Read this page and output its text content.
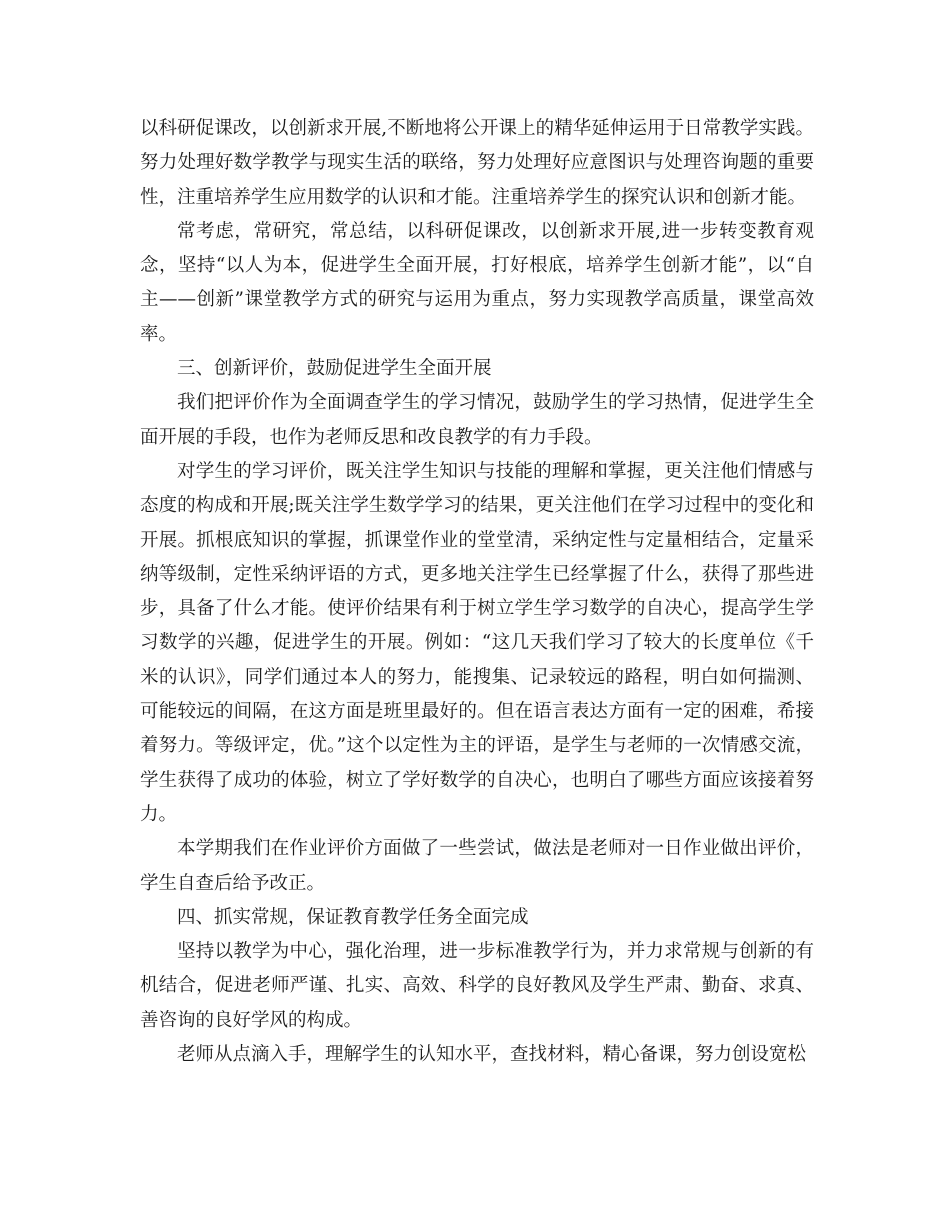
以科研促课改，以创新求开展,不断地将公开课上的精华延伸运用于日常教学实践。努力处理好数学教学与现实生活的联络，努力处理好应意图识与处理咨询题的重要性，注重培养学生应用数学的认识和才能。注重培养学生的探究认识和创新才能。

常考虑，常研究，常总结，以科研促课改，以创新求开展,进一步转变教育观念，坚持“以人为本，促进学生全面开展，打好根底，培养学生创新才能”，以“自主——创新”课堂教学方式的研究与运用为重点，努力实现教学高质量，课堂高效率。

三、创新评价，鼓励促进学生全面开展

我们把评价作为全面调查学生的学习情况，鼓励学生的学习热情，促进学生全面开展的手段，也作为老师反思和改良教学的有力手段。

对学生的学习评价，既关注学生知识与技能的理解和掌握，更关注他们情感与态度的构成和开展;既关注学生数学学习的结果，更关注他们在学习过程中的变化和开展。抓根底知识的掌握，抓课堂作业的堂堂清，采纳定性与定量相结合，定量采纳等级制，定性采纳评语的方式，更多地关注学生已经掌握了什么，获得了那些进步，具备了什么才能。使评价结果有利于树立学生学习数学的自决心，提高学生学习数学的兴趣，促进学生的开展。例如：“这几天我们学习了较大的长度单位《千米的认识》，同学们通过本人的努力，能搜集、记录较远的路程，明白如何揣测、可能较远的间隔，在这方面是班里最好的。但在语言表达方面有一定的困难，希接着努力。等级评定，优。”这个以定性为主的评语，是学生与老师的一次情感交流，学生获得了成功的体验，树立了学好数学的自决心，也明白了哪些方面应该接着努力。

本学期我们在作业评价方面做了一些尝试，做法是老师对一日作业做出评价，学生自查后给予改正。

四、抓实常规，保证教育教学任务全面完成

坚持以教学为中心，强化治理，进一步标准教学行为，并力求常规与创新的有机结合，促进老师严谨、扎实、高效、科学的良好教风及学生严肃、勤奋、求真、善咨询的良好学风的构成。

老师从点滴入手，理解学生的认知水平，查找材料，精心备课，努力创设宽松
